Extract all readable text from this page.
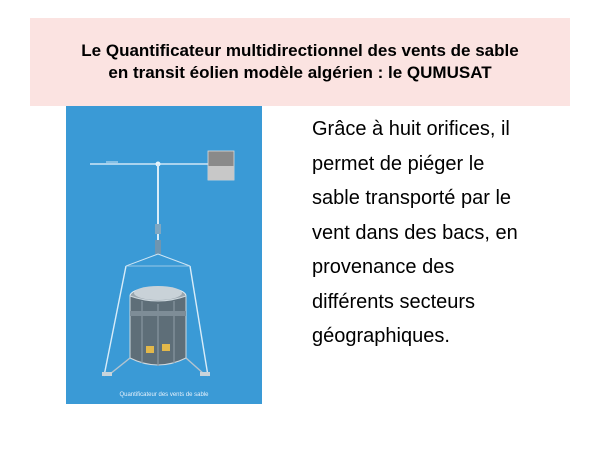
Le Quantificateur multidirectionnel des vents de sable
en transit éolien modèle algérien : le QUMUSAT
Quantificateur des vents de sable
Grâce à huit orifices, il
permet de piéger le
sable transporté par le
vent dans des bacs, en
provenance des
différents secteurs
géographiques.
